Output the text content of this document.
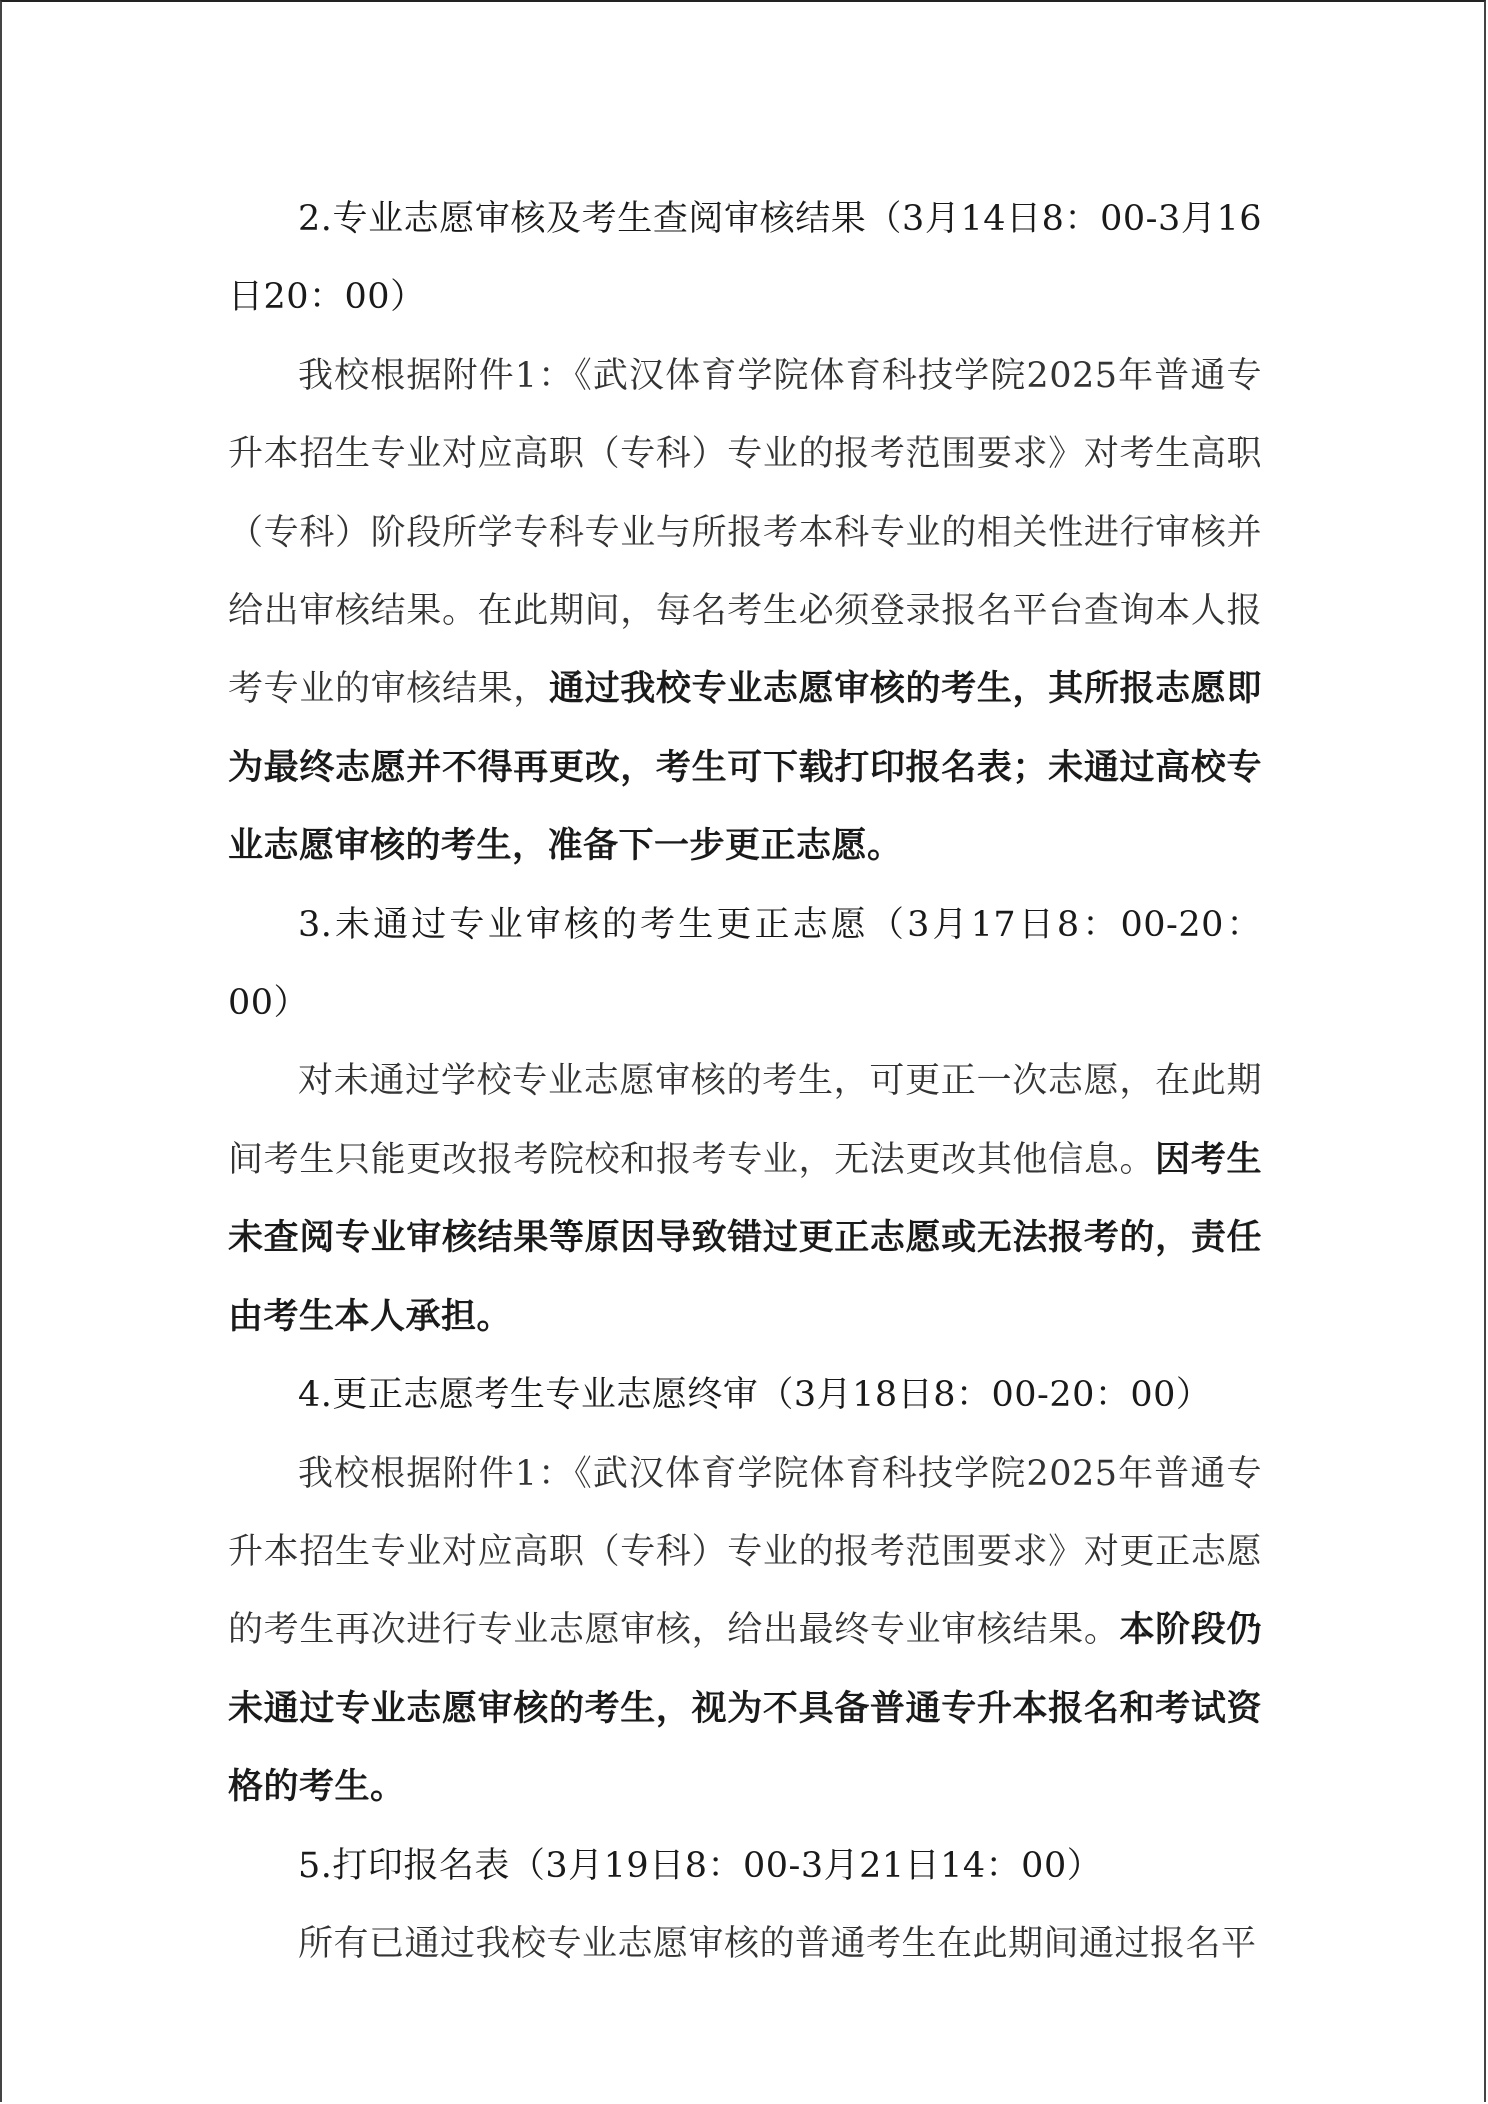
2.专业志愿审核及考生查阅审核结果（3月14日8：00-3月16日20：00）

我校根据附件1：《武汉体育学院体育科技学院2025年普通专升本招生专业对应高职（专科）专业的报考范围要求》对考生高职（专科）阶段所学专科专业与所报考本科专业的相关性进行审核并给出审核结果。在此期间，每名考生必须登录报名平台查询本人报考专业的审核结果，通过我校专业志愿审核的考生，其所报志愿即为最终志愿并不得再更改，考生可下载打印报名表；未通过高校专业志愿审核的考生，准备下一步更正志愿。

3.未通过专业审核的考生更正志愿（3月17日8：00-20：00）

对未通过学校专业志愿审核的考生，可更正一次志愿，在此期间考生只能更改报考院校和报考专业，无法更改其他信息。因考生未查阅专业审核结果等原因导致错过更正志愿或无法报考的，责任由考生本人承担。

4.更正志愿考生专业志愿终审（3月18日8：00-20：00）

我校根据附件1：《武汉体育学院体育科技学院2025年普通专升本招生专业对应高职（专科）专业的报考范围要求》对更正志愿的考生再次进行专业志愿审核，给出最终专业审核结果。本阶段仍未通过专业志愿审核的考生，视为不具备普通专升本报名和考试资格的考生。

5.打印报名表（3月19日8：00-3月21日14：00）

所有已通过我校专业志愿审核的普通考生在此期间通过报名平
